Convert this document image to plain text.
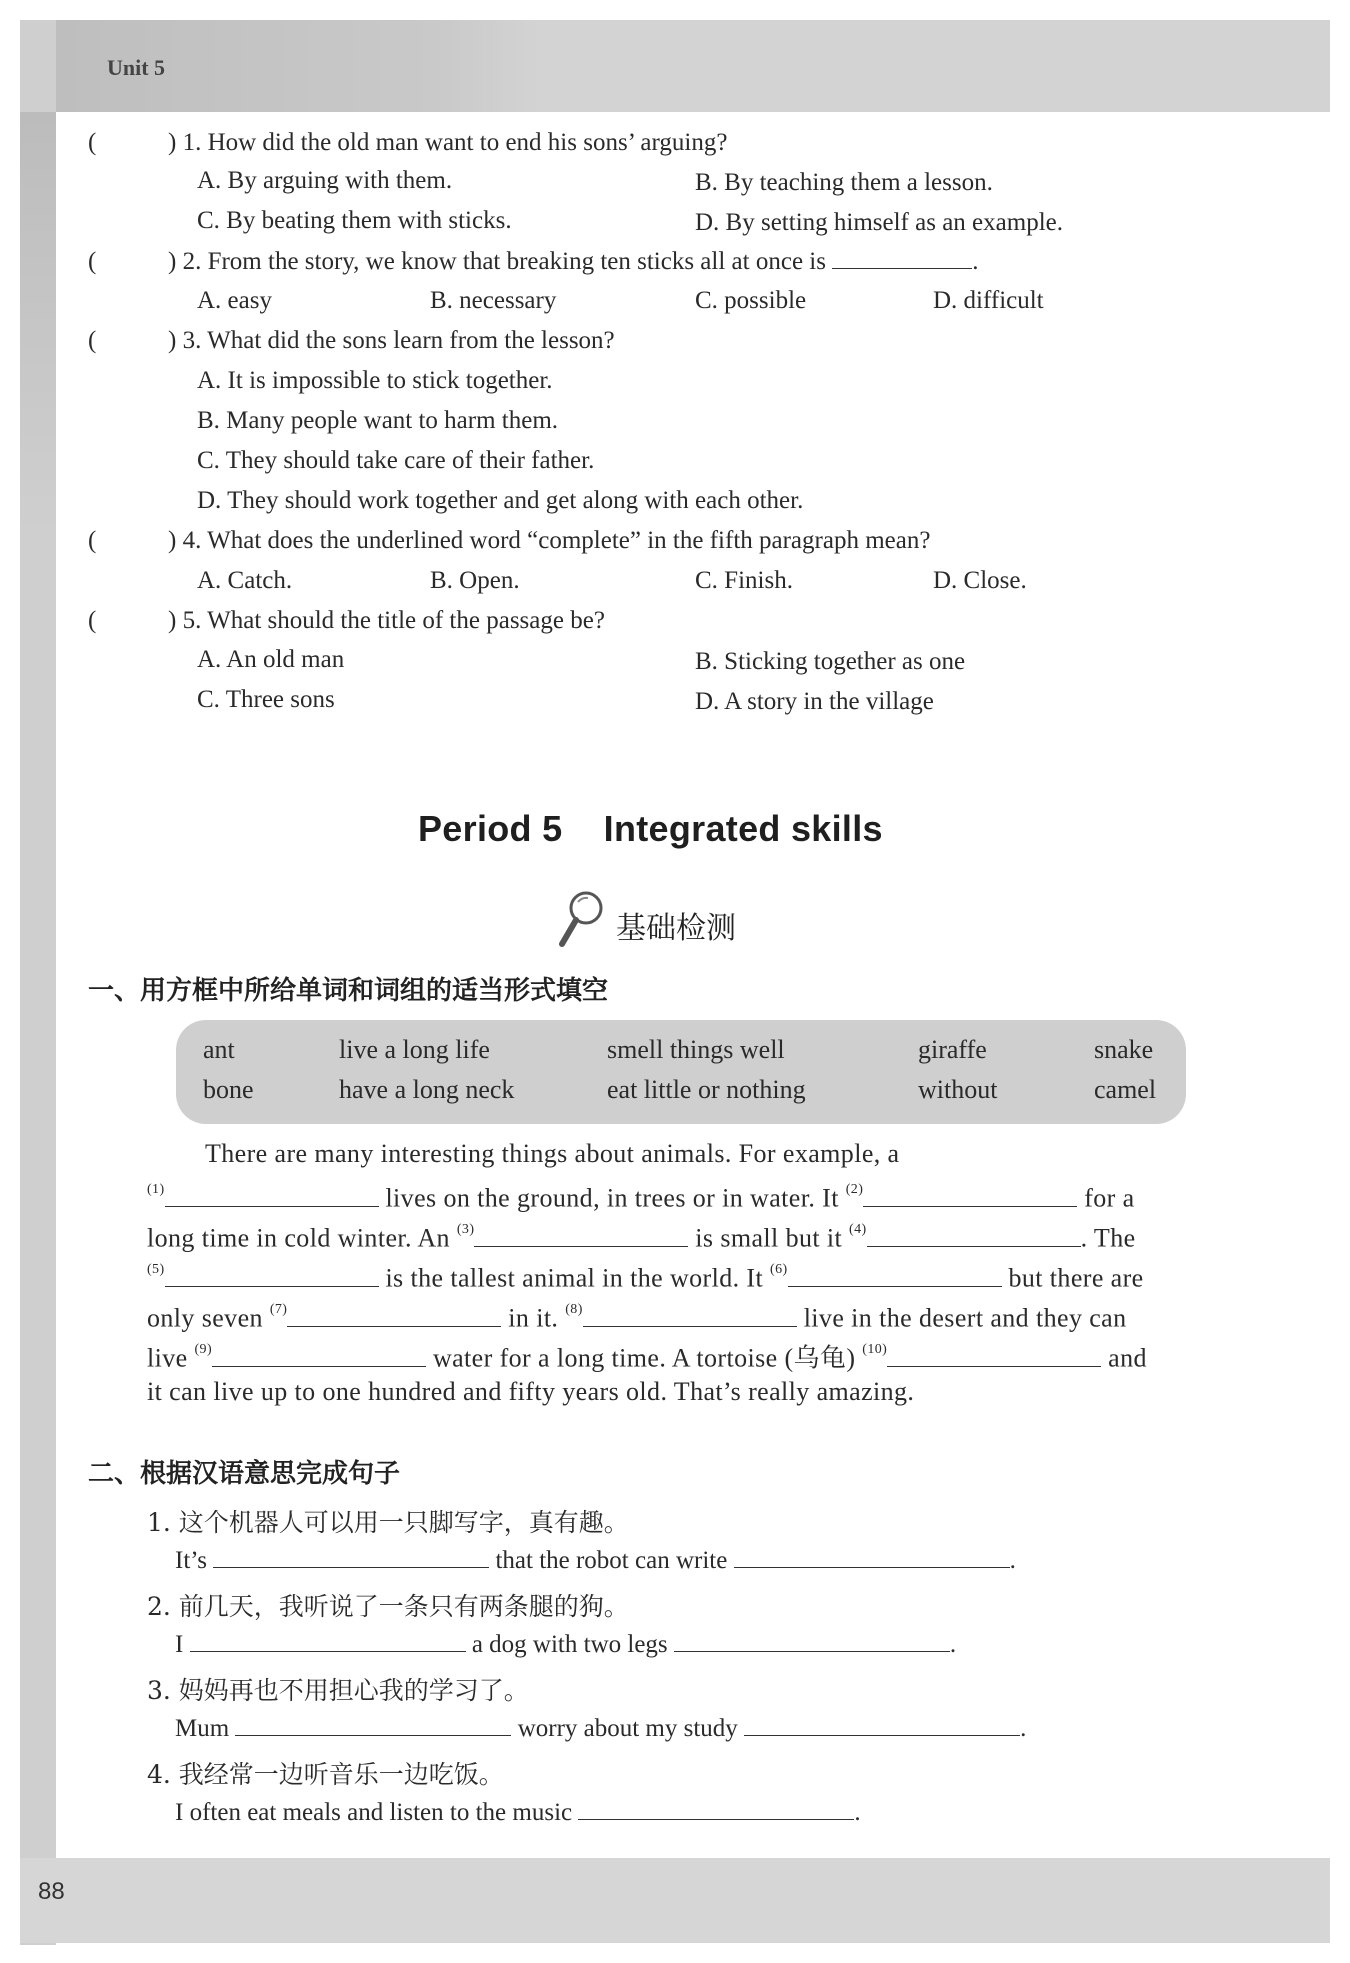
Unit 5
88
(	) 1. How did the old man want to end his sons’ arguing?
A. By arguing with them.	B. By teaching them a lesson.
C. By beating them with sticks.	D. By setting himself as an example.
(	) 2. From the story, we know that breaking ten sticks all at once is	.
A. easy	B. necessary	C. possible	D. difficult
(	) 3. What did the sons learn from the lesson?
A. It is impossible to stick together.
B. Many people want to harm them.
C. They should take care of their father.
D. They should work together and get along with each other.
(	) 4. What does the underlined word “complete” in the fifth paragraph mean?
A. Catch.	B. Open.	C. Finish.	D. Close.
(	) 5. What should the title of the passage be?
A. An old man	B. Sticking together as one
C. Three sons	D. A story in the village
Period 5    Integrated skills
基础检测
一、用方框中所给单词和词组的适当形式填空
ant	live a long life	smell things well	giraffe	snake
bone	have a long neck	eat little or nothing	without	camel
There are many interesting things about animals. For example, a
$^{(1)}$	lives on the ground, in trees or in water. It $^{(2)}$	for a
long time in cold winter. An $^{(3)}$	is small but it $^{(4)}$	. The
$^{(5)}$	is the tallest animal in the world. It $^{(6)}$	but there are
only seven $^{(7)}$	in it. $^{(8)}$	live in the desert and they can
live $^{(9)}$	water for a long time. A tortoise (乌龟) $^{(10)}$	and
it can live up to one hundred and fifty years old. That’s really amazing.
二、根据汉语意思完成句子
1. 这个机器人可以用一只脚写字，真有趣。
It’s	that the robot can write	.
2. 前几天，我听说了一条只有两条腿的狗。
I	a dog with two legs	.
3. 妈妈再也不用担心我的学习了。
Mum	worry about my study	.
4. 我经常一边听音乐一边吃饭。
I often eat meals and listen to the music	.
